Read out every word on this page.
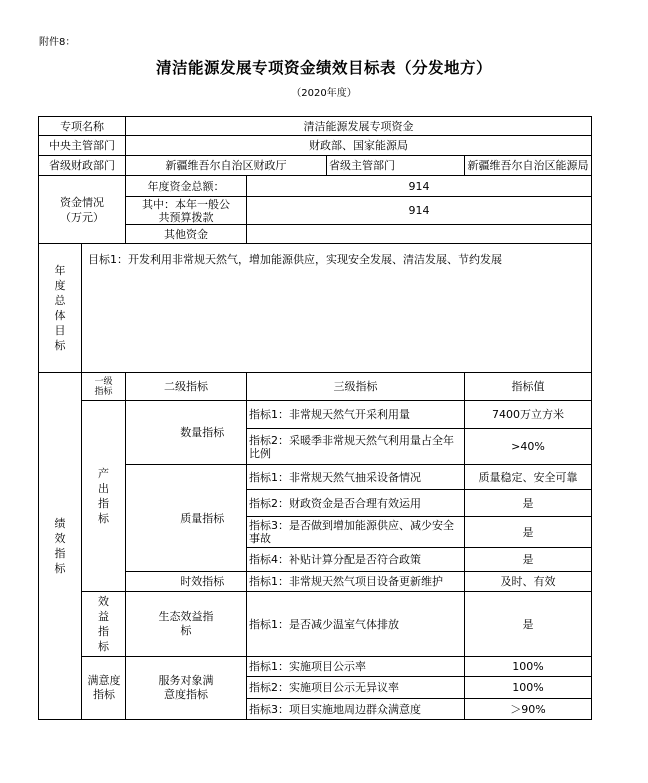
附件8：
清洁能源发展专项资金绩效目标表（分发地方）
（2020年度）
专项名称		清洁能源发展专项资金				
中央主管部门		财政部、国家能源局				
省级财政部门		新疆维吾尔自治区财政厅			省级主管部门	新疆维吾尔自治区能源局

资金情况（万元）		年度资金总额：		914		

		其中：本年一般公共预算拨款		914		
		其他资金				

年度总体目标	目标1：开发利用非常规天然气，增加能源供应，实现安全发展、清洁发展、节约发展					

绩效指标	一级指标	二级指标		三级指标		指标值

	产出指标		数量指标	指标1：非常规天然气开采利用量		7400万立方米
				指标2：采暖季非常规天然气利用量占全年比例		>40%
			质量指标	指标1：非常规天然气抽采设备情况		质量稳定、安全可靠
				指标2：财政资金是否合理有效运用		是
				指标3：是否做到增加能源供应、减少安全事故		是
				指标4：补贴计算分配是否符合政策		是
			时效指标	指标1：非常规天然气项目设备更新维护		及时、有效

	效益指标	生态效益指标		指标1：是否减少温室气体排放		是

	满意度指标	服务对象满意度指标		指标1：实施项目公示率		100%
				指标2：实施项目公示无异议率		100%
				指标3：项目实施地周边群众满意度		＞90%
